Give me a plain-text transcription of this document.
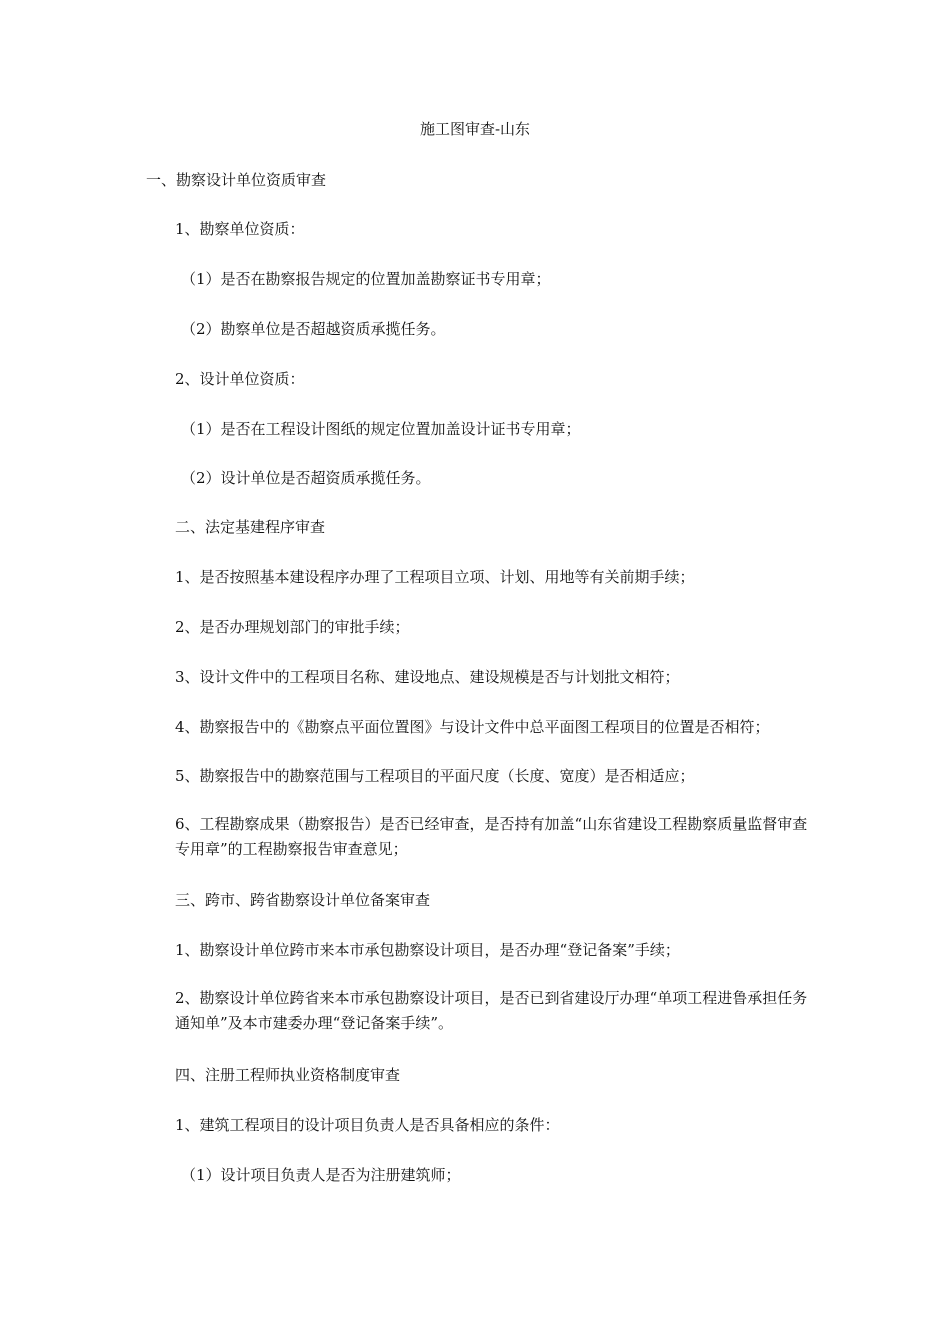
施工图审查-山东
一、勘察设计单位资质审查
1、勘察单位资质：
（1）是否在勘察报告规定的位置加盖勘察证书专用章；
（2）勘察单位是否超越资质承揽任务。
2、设计单位资质：
（1）是否在工程设计图纸的规定位置加盖设计证书专用章；
（2）设计单位是否超资质承揽任务。
二、法定基建程序审查
1、是否按照基本建设程序办理了工程项目立项、计划、用地等有关前期手续；
2、是否办理规划部门的审批手续；
3、设计文件中的工程项目名称、建设地点、建设规模是否与计划批文相符；
4、勘察报告中的《勘察点平面位置图》与设计文件中总平面图工程项目的位置是否相符；
5、勘察报告中的勘察范围与工程项目的平面尺度（长度、宽度）是否相适应；
6、工程勘察成果（勘察报告）是否已经审查，是否持有加盖“山东省建设工程勘察质量监督审查专用章”的工程勘察报告审查意见；
三、跨市、跨省勘察设计单位备案审查
1、勘察设计单位跨市来本市承包勘察设计项目，是否办理“登记备案”手续；
2、勘察设计单位跨省来本市承包勘察设计项目，是否已到省建设厅办理“单项工程进鲁承担任务通知单”及本市建委办理“登记备案手续”。
四、注册工程师执业资格制度审查
1、建筑工程项目的设计项目负责人是否具备相应的条件：
（1）设计项目负责人是否为注册建筑师；
